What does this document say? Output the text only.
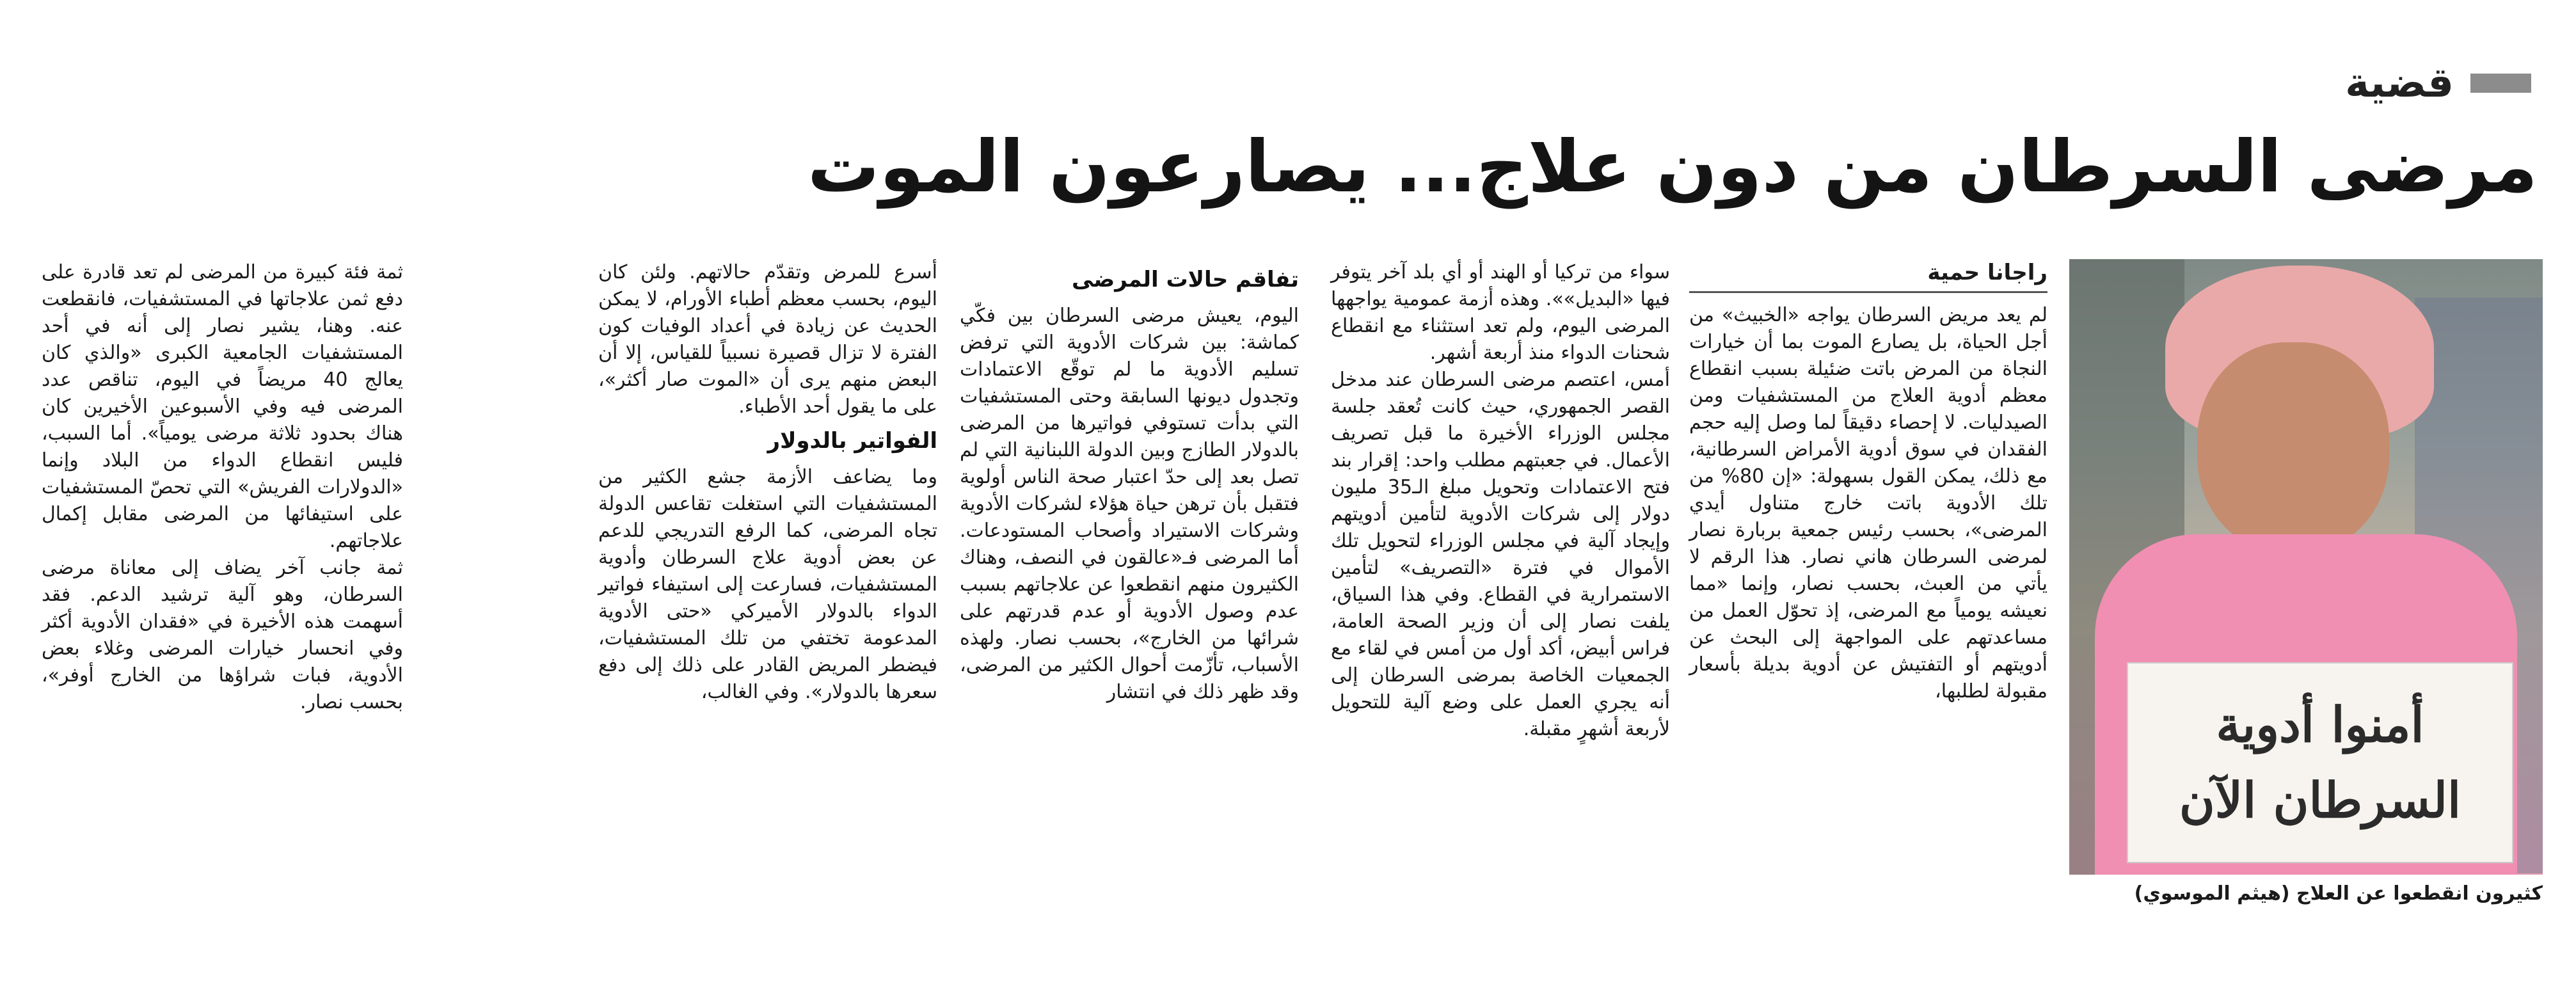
قضية
مرضى السرطان من دون علاج... يصارعون الموت
أمنوا أدوية
السرطان الآن
كثيرون انقطعوا عن العلاج (هيثم الموسوي)
راجانا حمية

لم يعد مريض السرطان يواجه «الخبيث» من أجل الحياة، بل يصارع الموت بما أن خيارات النجاة من المرض باتت ضئيلة بسبب انقطاع معظم أدوية العلاج من المستشفيات ومن الصيدليات. لا إحصاء دقيقاً لما وصل إليه حجم الفقدان في سوق أدوية الأمراض السرطانية، مع ذلك، يمكن القول بسهولة: «إن 80% من تلك الأدوية باتت خارج متناول أيدي المرضى»، بحسب رئيس جمعية بربارة نصار لمرضى السرطان هاني نصار. هذا الرقم لا يأتي من العبث، بحسب نصار، وإنما «مما نعيشه يومياً مع المرضى، إذ تحوّل العمل من مساعدتهم على المواجهة إلى البحث عن أدويتهم أو التفتيش عن أدوية بديلة بأسعار مقبولة لطلبها،

سواء من تركيا أو الهند أو أي بلد آخر يتوفر فيها «البديل»». وهذه أزمة عمومية يواجهها المرضى اليوم، ولم تعد استثناء مع انقطاع شحنات الدواء منذ أربعة أشهر.

أمس، اعتصم مرضى السرطان عند مدخل القصر الجمهوري، حيث كانت تُعقد جلسة مجلس الوزراء الأخيرة ما قبل تصريف الأعمال. في جعبتهم مطلب واحد: إقرار بند فتح الاعتمادات وتحويل مبلغ الـ35 مليون دولار إلى شركات الأدوية لتأمين أدويتهم وإيجاد آلية في مجلس الوزراء لتحويل تلك الأموال في فترة «التصريف» لتأمين الاستمرارية في القطاع. وفي هذا السياق، يلفت نصار إلى أن وزير الصحة العامة، فراس أبيض، أكد أول من أمس في لقاء مع الجمعيات الخاصة بمرضى السرطان إلى أنه يجري العمل على وضع آلية للتحويل لأربعة أشهرٍ مقبلة.

تفاقم حالات المرضى

اليوم، يعيش مرضى السرطان بين فكّي كماشة: بين شركات الأدوية التي ترفض تسليم الأدوية ما لم توقّع الاعتمادات وتجدول ديونها السابقة وحتى المستشفيات التي بدأت تستوفي فواتيرها من المرضى بالدولار الطازج وبين الدولة اللبنانية التي لم تصل بعد إلى حدّ اعتبار صحة الناس أولوية فتقبل بأن ترهن حياة هؤلاء لشركات الأدوية وشركات الاستيراد وأصحاب المستودعات. أما المرضى فـ«عالقون في النصف، وهناك الكثيرون منهم انقطعوا عن علاجاتهم بسبب عدم وصول الأدوية أو عدم قدرتهم على شرائها من الخارج»، بحسب نصار. ولهذه الأسباب، تأزّمت أحوال الكثير من المرضى، وقد ظهر ذلك في انتشار

أسرع للمرض وتقدّم حالاتهم. ولئن كان اليوم، بحسب معظم أطباء الأورام، لا يمكن الحديث عن زيادة في أعداد الوفيات كون الفترة لا تزال قصيرة نسبياً للقياس، إلا أن البعض منهم يرى أن «الموت صار أكثر»، على ما يقول أحد الأطباء.

الفواتير بالدولار

وما يضاعف الأزمة جشع الكثير من المستشفيات التي استغلت تقاعس الدولة تجاه المرضى، كما الرفع التدريجي للدعم عن بعض أدوية علاج السرطان وأدوية المستشفيات، فسارعت إلى استيفاء فواتير الدواء بالدولار الأميركي «حتى الأدوية المدعومة تختفي من تلك المستشفيات، فيضطر المريض القادر على ذلك إلى دفع سعرها بالدولار». وفي الغالب،

ثمة فئة كبيرة من المرضى لم تعد قادرة على دفع ثمن علاجاتها في المستشفيات، فانقطعت عنه. وهنا، يشير نصار إلى أنه في أحد المستشفيات الجامعية الكبرى «والذي كان يعالج 40 مريضاً في اليوم، تناقص عدد المرضى فيه وفي الأسبوعين الأخيرين كان هناك بحدود ثلاثة مرضى يومياً». أما السبب، فليس انقطاع الدواء من البلاد وإنما «الدولارات الفريش» التي تحصّ المستشفيات على استيفائها من المرضى مقابل إكمال علاجاتهم.

ثمة جانب آخر يضاف إلى معاناة مرضى السرطان، وهو آلية ترشيد الدعم. فقد أسهمت هذه الأخيرة في «فقدان الأدوية أكثر وفي انحسار خيارات المرضى وغلاء بعض الأدوية، فبات شراؤها من الخارج أوفر»، بحسب نصار.
